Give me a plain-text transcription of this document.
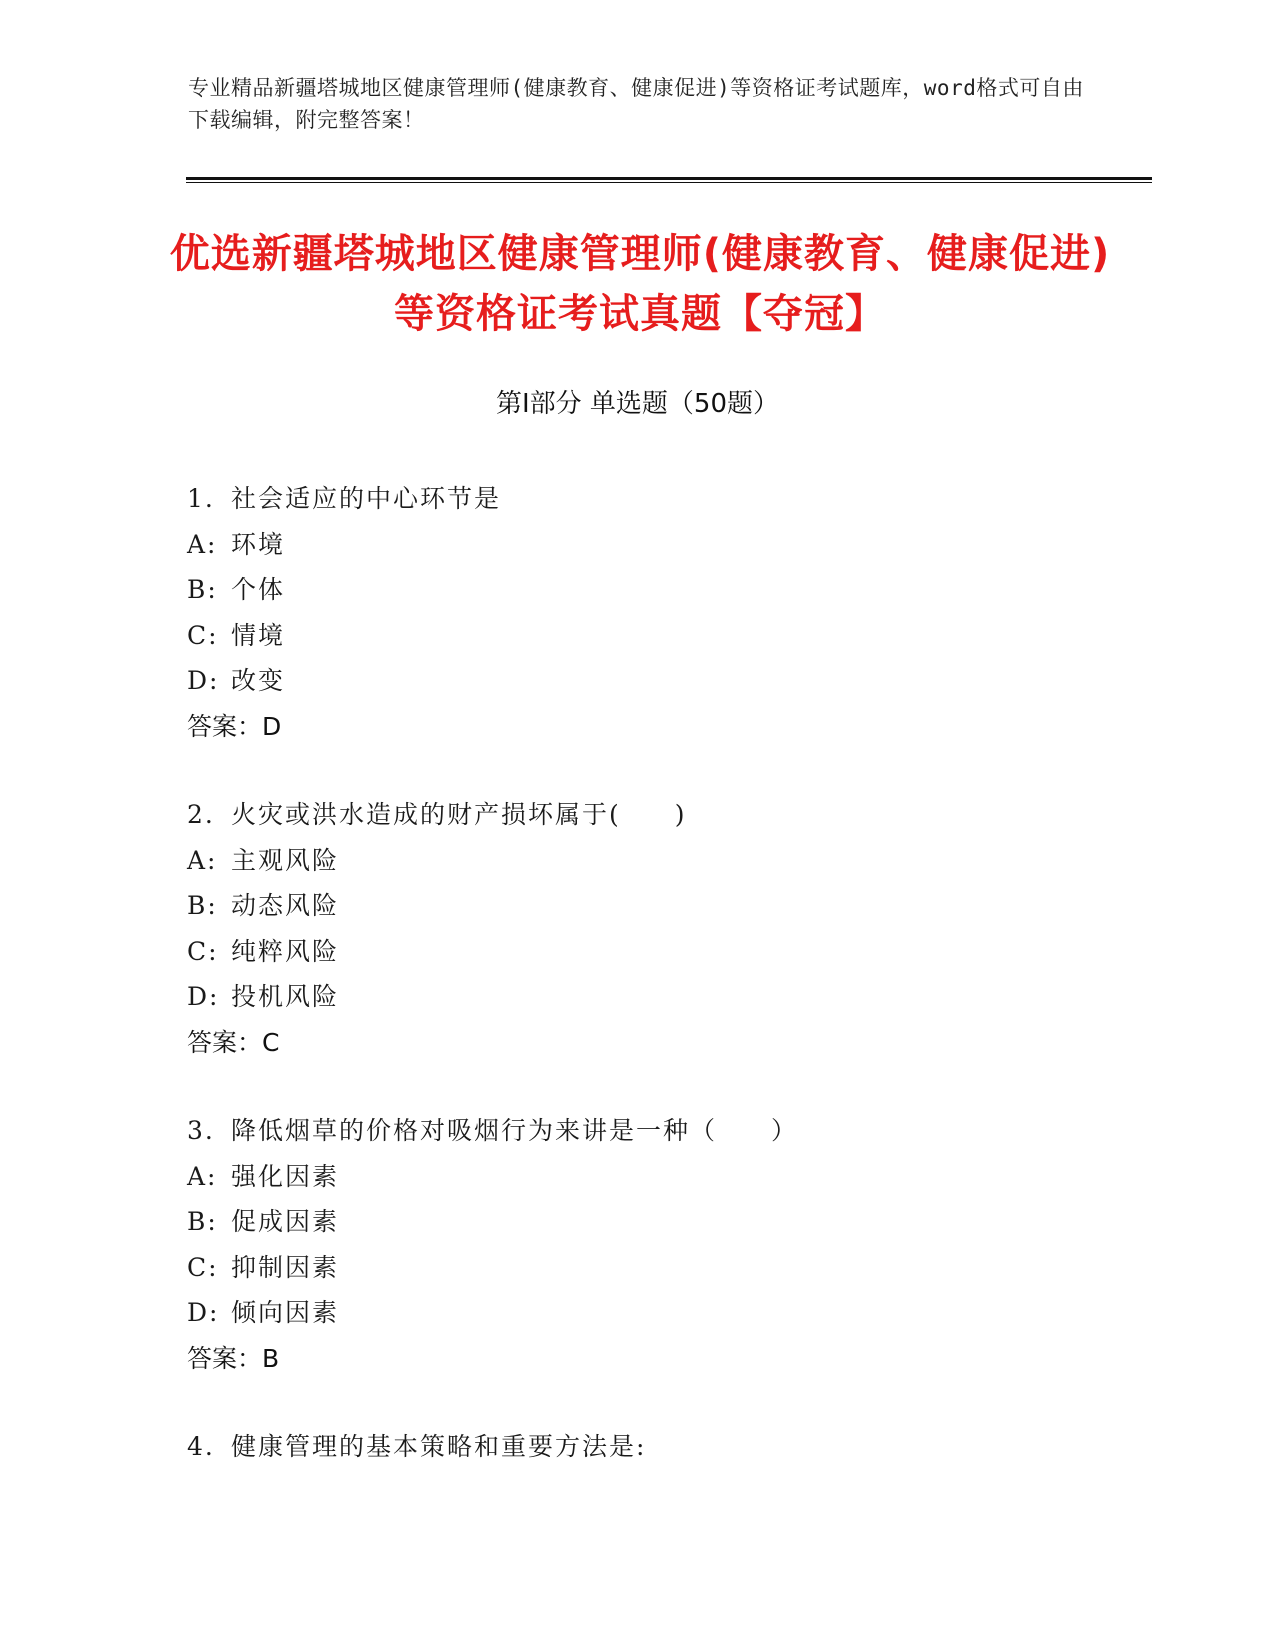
专业精品新疆塔城地区健康管理师(健康教育、健康促进)等资格证考试题库，word格式可自由下载编辑，附完整答案！
优选新疆塔城地区健康管理师(健康教育、健康促进)等资格证考试真题【夺冠】
第Ⅰ部分 单选题（50题）
1. 社会适应的中心环节是
A: 环境
B: 个体
C: 情境
D: 改变
答案：D
2. 火灾或洪水造成的财产损坏属于(　　)
A: 主观风险
B: 动态风险
C: 纯粹风险
D: 投机风险
答案：C
3. 降低烟草的价格对吸烟行为来讲是一种（　　）
A: 强化因素
B: 促成因素
C: 抑制因素
D: 倾向因素
答案：B
4. 健康管理的基本策略和重要方法是:
